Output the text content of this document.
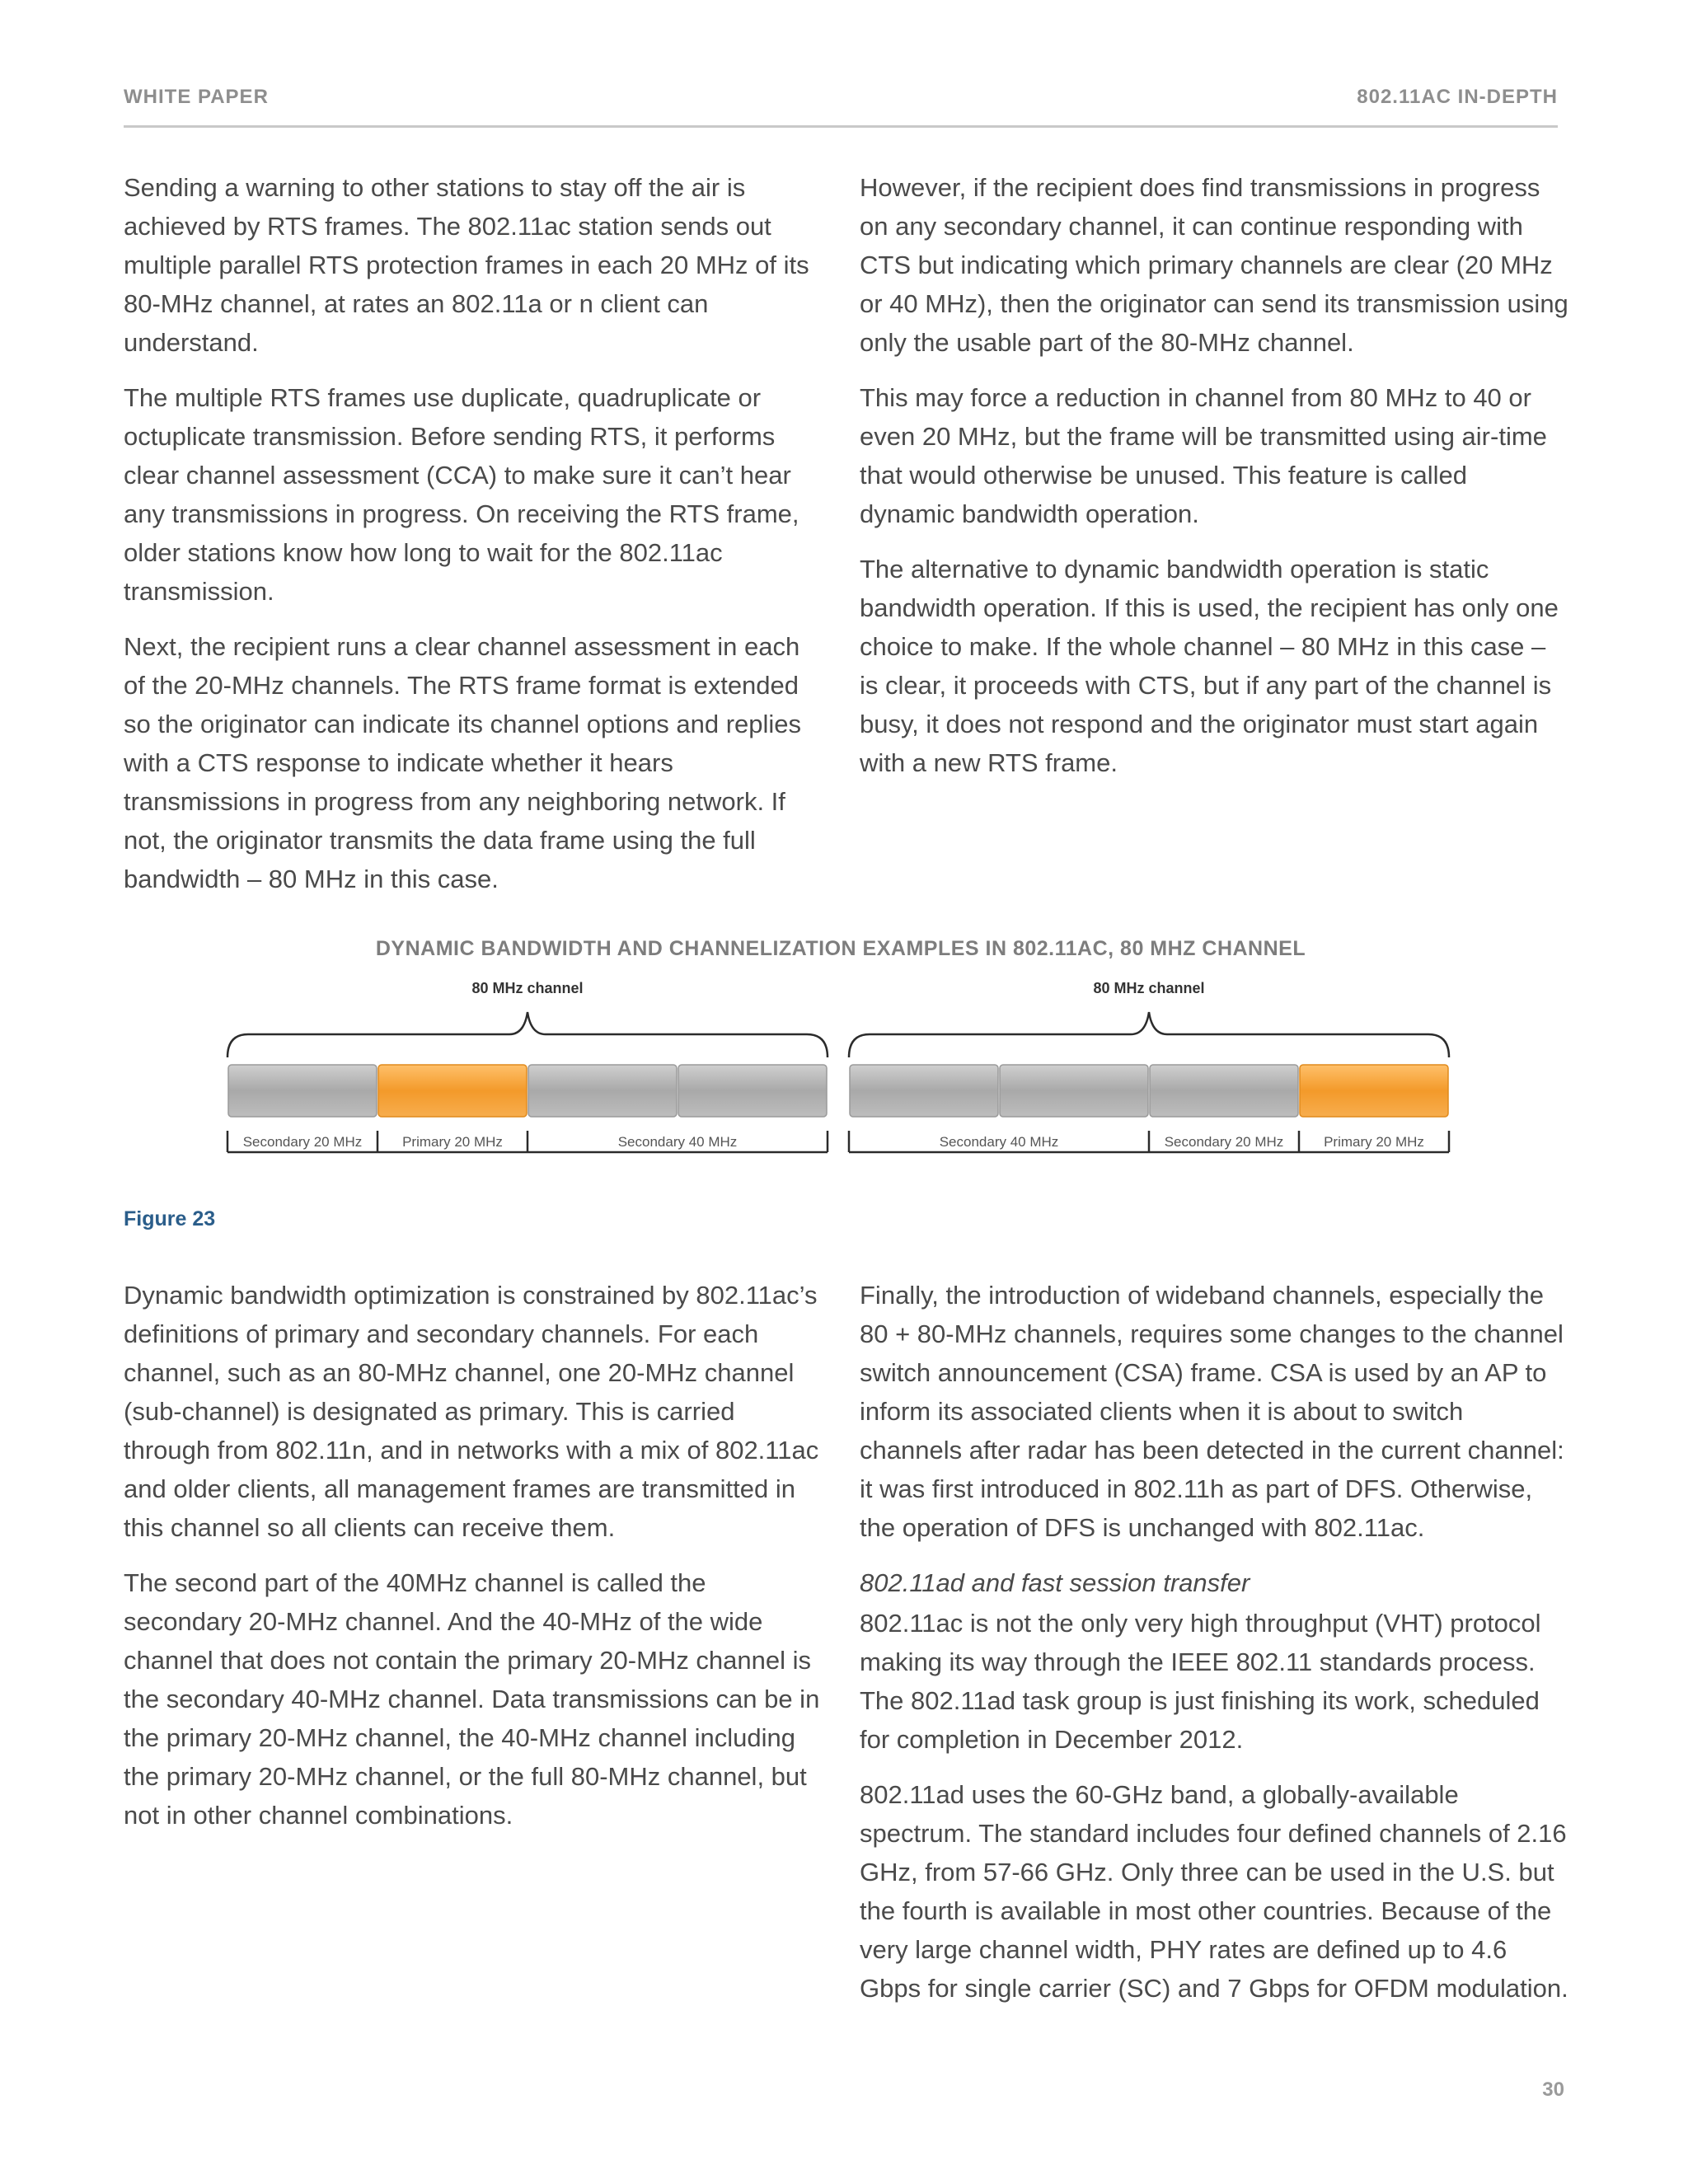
WHITE PAPER	802.11AC IN-DEPTH

Sending a warning to other stations to stay off the air is achieved by RTS frames. The 802.11ac station sends out multiple parallel RTS protection frames in each 20 MHz of its 80-MHz channel, at rates an 802.11a or n client can understand.

The multiple RTS frames use duplicate, quadruplicate or octuplicate transmission. Before sending RTS, it performs clear channel assessment (CCA) to make sure it can’t hear any transmissions in progress. On receiving the RTS frame, older stations know how long to wait for the 802.11ac transmission.

Next, the recipient runs a clear channel assessment in each of the 20-MHz channels. The RTS frame format is extended so the originator can indicate its channel options and replies with a CTS response to indicate whether it hears transmissions in progress from any neighboring network. If not, the originator transmits the data frame using the full bandwidth – 80 MHz in this case.

However, if the recipient does find transmissions in progress on any secondary channel, it can continue responding with CTS but indicating which primary channels are clear (20 MHz or 40 MHz), then the originator can send its transmission using only the usable part of the 80-MHz channel.

This may force a reduction in channel from 80 MHz to 40 or even 20 MHz, but the frame will be transmitted using air-time that would otherwise be unused. This feature is called dynamic bandwidth operation.

The alternative to dynamic bandwidth operation is static bandwidth operation. If this is used, the recipient has only one choice to make. If the whole channel – 80 MHz in this case – is clear, it proceeds with CTS, but if any part of the channel is busy, it does not respond and the originator must start again with a new RTS frame.

DYNAMIC BANDWIDTH AND CHANNELIZATION EXAMPLES IN 802.11AC, 80 MHZ CHANNEL
80 MHz channel
Secondary 20 MHz	Primary 20 MHz	Secondary 40 MHz
80 MHz channel
Secondary 40 MHz	Secondary 20 MHz	Primary 20 MHz
Figure 23

Dynamic bandwidth optimization is constrained by 802.11ac’s definitions of primary and secondary channels. For each channel, such as an 80-MHz channel, one 20-MHz channel (sub-channel) is designated as primary. This is carried through from 802.11n, and in networks with a mix of 802.11ac and older clients, all management frames are transmitted in this channel so all clients can receive them.

The second part of the 40MHz channel is called the secondary 20-MHz channel. And the 40-MHz of the wide channel that does not contain the primary 20-MHz channel is the secondary 40-MHz channel. Data transmissions can be in the primary 20-MHz channel, the 40-MHz channel including the primary 20-MHz channel, or the full 80-MHz channel, but not in other channel combinations.

Finally, the introduction of wideband channels, especially the 80 + 80-MHz channels, requires some changes to the channel switch announcement (CSA) frame. CSA is used by an AP to inform its associated clients when it is about to switch channels after radar has been detected in the current channel: it was first introduced in 802.11h as part of DFS. Otherwise, the operation of DFS is unchanged with 802.11ac.

802.11ad and fast session transfer

802.11ac is not the only very high throughput (VHT) protocol making its way through the IEEE 802.11 standards process. The 802.11ad task group is just finishing its work, scheduled for completion in December 2012.

802.11ad uses the 60-GHz band, a globally-available spectrum. The standard includes four defined channels of 2.16 GHz, from 57-66 GHz. Only three can be used in the U.S. but the fourth is available in most other countries. Because of the very large channel width, PHY rates are defined up to 4.6 Gbps for single carrier (SC) and 7 Gbps for OFDM modulation.

30
